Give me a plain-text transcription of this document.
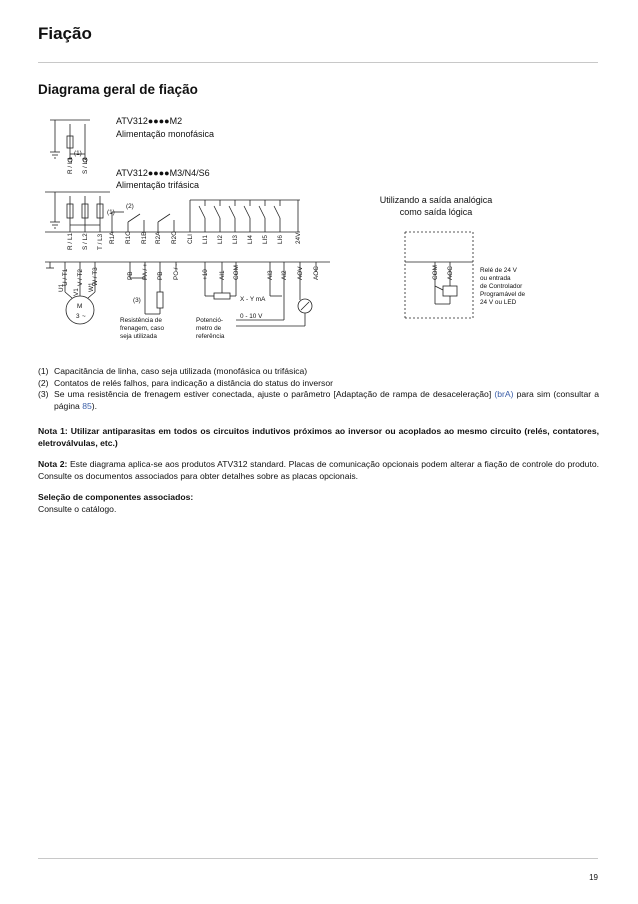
Fiação
Diagrama geral de fiação
ATV312●●●●M2
Alimentação monofásica
ATV312●●●●M3/N4/S6
Alimentação trifásica
Utilizando a saída analógica
como saída lógica
(1)
(1)
(2)
(3)
R / L1 S / L2
R / L1 S / L2 T / L3 R1A R1C R1B R2A R2C CLI LI1 LI2 LI3 LI4 LI5 LI6 24V
U / T1 V / T2 W / T3	PB PA / + PB PC / -	+10 AI1 COM	AI3 AI2 AOV AOC	COM AOC
U1
V1
W1
M
3 ~
X - Y mA
0 - 10 V
Resistência de
frenagem, caso
seja utilizada
Potenció-
metro de
referência
Relé de 24 V
ou entrada
de Controlador
Programável de
24 V ou LED
(1) Capacitância de linha, caso seja utilizada (monofásica ou trifásica)
(2) Contatos de relés falhos, para indicação a distância do status do inversor
(3) Se uma resistência de frenagem estiver conectada, ajuste o parâmetro [Adaptação de rampa de desaceleração] (brA) para sim (consultar a página 85).
Nota 1: Utilizar antiparasitas em todos os circuitos indutivos próximos ao inversor ou acoplados ao mesmo circuito (relés, contatores, eletroválvulas, etc.)
Nota 2: Este diagrama aplica-se aos produtos ATV312 standard. Placas de comunicação opcionais podem alterar a fiação de controle do produto. Consulte os documentos associados para obter detalhes sobre as placas opcionais.
Seleção de componentes associados:
Consulte o catálogo.
19
